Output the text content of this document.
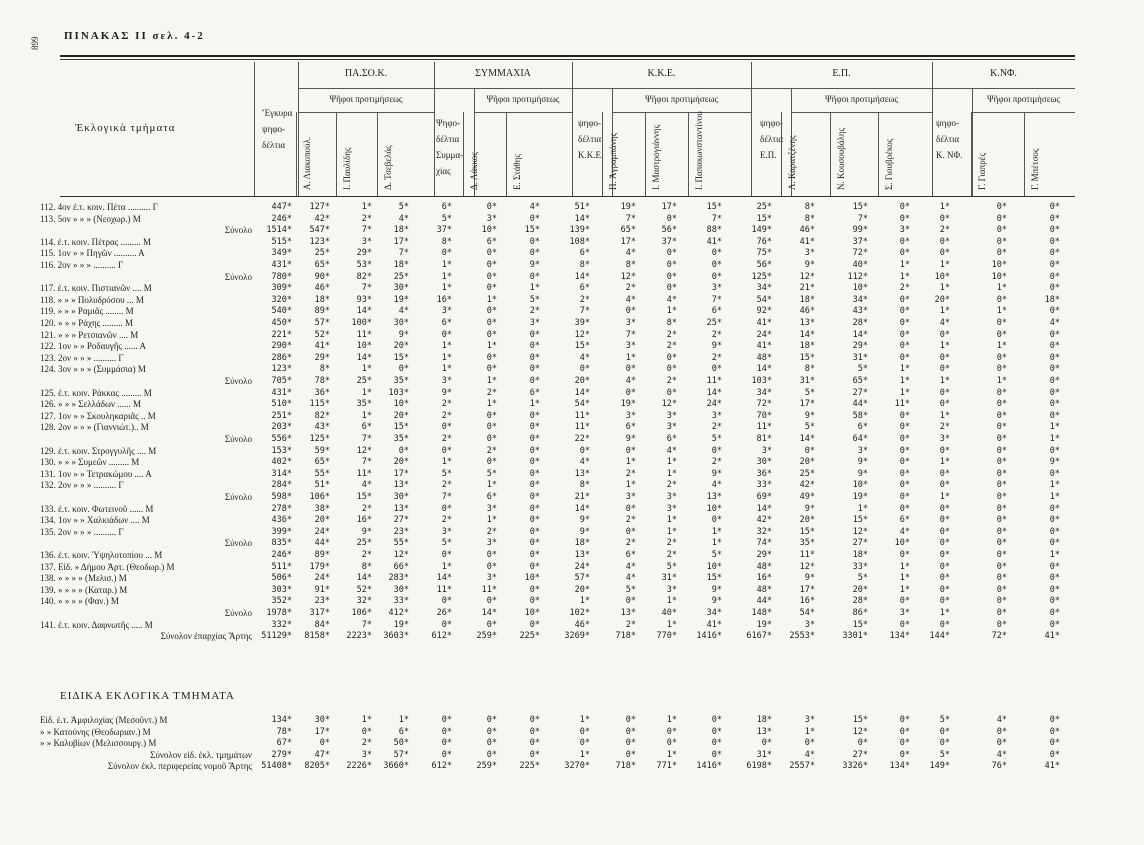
899
ΠΙΝΑΚΑΣ ΙΙ σελ. 4-2
Ἐκλογικὰ τμήματα
Ἔγκυρα
ψηφο-
δέλτια
ΠΑ.ΣΟ.Κ.
Ψῆφοι προτιμήσεως
Α. Λιακοπούλ.	Ι. Παυλίδης	Δ. Τσεβελάς
ΣΥΜΜΑΧΙΑ
Ψῆφοι προτιμήσεως
Ψηφο-
δέλτια
Συμμα-
χίας Δ. Λάκκος	Ε. Στάθης
Κ.Κ.Ε.
Ψῆφοι προτιμήσεως
ψηφο-
δέλτια
Κ.Κ.Ε. Π. Ἀγραμπάνης	Ι. Μαστρογιάννης	Ι. Παπακωνσταντίνου
Ε.Π.
Ψῆφοι προτιμήσεως
ψηφο-
δέλτια
Ε.Π. Λ. Καρατζένης	Ν. Κουσουβάλης	Σ. Γιουβρέκος
Κ.ΝΦ.
Ψῆφοι προτιμήσεως
ψηφο-
δέλτια
Κ. ΝΦ. Γ. Γιαπρές	Γ. Μπέτσος
112. 4ον ἐ.τ. κοιν. Πέτα .......... Γ	447*	127*	1*	5*	6*	0*	4*	51*	19*	17*	15*	25*	8*	15*	0*	1*	0*	0*
113. 5ον » » » (Νεοχωρ.) Μ	246*	42*	2*	4*	5*	3*	0*	14*	7*	0*	7*	15*	8*	7*	0*	0*	0*	0*
Σύνολο	1514*	547*	7*	18*	37*	10*	15*	139*	65*	56*	88*	149*	46*	99*	3*	2*	0*	0*
114. ἐ.τ. κοιν. Πέτρας ......... Μ	515*	123*	3*	17*	8*	6*	0*	108*	17*	37*	41*	76*	41*	37*	0*	0*	0*	0*
115. 1ον » » Πηγῶν .......... Α	349*	25*	29*	7*	0*	0*	0*	6*	4*	0*	0*	75*	3*	72*	0*	0*	0*	0*
116. 2ον » » » .......... Γ	431*	65*	53*	18*	1*	0*	9*	8*	8*	0*	0*	56*	9*	40*	1*	1*	10*	0*
Σύνολο	780*	90*	82*	25*	1*	0*	0*	14*	12*	0*	0*	125*	12*	112*	1*	10*	10*	0*
117. ἐ.τ. κοιν. Πιστιανῶν .... Μ	309*	46*	7*	30*	1*	0*	1*	6*	2*	0*	3*	34*	21*	10*	2*	1*	1*	0*
118. » » » Πολυδρόσου ... Μ	320*	18*	93*	19*	16*	1*	5*	2*	4*	4*	7*	54*	18*	34*	0*	20*	0*	18*
119. » » » Ραμιᾶς ........ Μ	540*	89*	14*	4*	3*	0*	2*	7*	0*	1*	6*	92*	46*	43*	0*	1*	1*	0*
120. » » » Ράχης ......... Μ	450*	57*	100*	30*	6*	0*	3*	39*	3*	8*	25*	41*	13*	28*	0*	4*	0*	4*
121. » » » Ρετσιανῶν .... Μ	221*	52*	11*	9*	0*	0*	0*	12*	7*	2*	2*	24*	14*	14*	0*	0*	0*	0*
122. 1ον » » Ροδαυγῆς ...... Α	290*	41*	10*	20*	1*	1*	0*	15*	3*	2*	9*	41*	18*	29*	0*	1*	1*	0*
123. 2ον » » » .......... Γ	286*	29*	14*	15*	1*	0*	0*	4*	1*	0*	2*	48*	15*	31*	0*	0*	0*	0*
124. 3ον » » » (Συμμάσια) Μ	123*	8*	1*	0*	1*	0*	0*	0*	0*	0*	0*	14*	8*	5*	1*	0*	0*	0*
Σύνολο	705*	78*	25*	35*	3*	1*	0*	20*	4*	2*	11*	103*	31*	65*	1*	1*	1*	0*
125. ἐ.τ. κοιν. Ράκκας ......... Μ	431*	36*	1*	103*	9*	2*	6*	14*	0*	0*	14*	34*	5*	27*	1*	0*	0*	0*
126. » » » Σελλάδων ...... Μ	510*	115*	35*	10*	2*	1*	1*	54*	19*	12*	24*	72*	17*	44*	11*	0*	0*	0*
127. 1ον » » Σκουληκαριᾶς .. Μ	251*	82*	1*	20*	2*	0*	0*	11*	3*	3*	3*	70*	9*	58*	0*	1*	0*	0*
128. 2ον » » » (Γιαννιώτ.).. Μ	203*	43*	6*	15*	0*	0*	0*	11*	6*	3*	2*	11*	5*	6*	0*	2*	0*	1*
Σύνολο	556*	125*	7*	35*	2*	0*	0*	22*	9*	6*	5*	81*	14*	64*	0*	3*	0*	1*
129. ἐ.τ. κοιν. Στρογγυλῆς .... Μ	153*	59*	12*	0*	0*	2*	0*	0*	0*	4*	0*	3*	0*	3*	0*	0*	0*	0*
130. » » » Συμεῶν ......... Μ	402*	65*	7*	20*	1*	0*	0*	4*	1*	1*	2*	30*	20*	9*	0*	1*	0*	9*
131. 1ον » » Τετρακώμου .... Α	314*	55*	11*	17*	5*	5*	0*	13*	2*	1*	9*	36*	25*	9*	0*	0*	0*	0*
132. 2ον » » » .......... Γ	284*	51*	4*	13*	2*	1*	0*	8*	1*	2*	4*	33*	42*	10*	0*	0*	0*	1*
Σύνολο	598*	106*	15*	30*	7*	6*	0*	21*	3*	3*	13*	69*	49*	19*	0*	1*	0*	1*
133. ἐ.τ. κοιν. Φωτεινοῦ ...... Μ	278*	38*	2*	13*	0*	3*	0*	14*	0*	3*	10*	14*	9*	1*	0*	0*	0*	0*
134. 1ον » » Χαλκιάδων .... Μ	436*	20*	16*	27*	2*	1*	0*	9*	2*	1*	0*	42*	20*	15*	6*	0*	0*	0*
135. 2ον » » » .......... Γ	399*	24*	9*	23*	3*	2*	0*	9*	0*	1*	1*	32*	15*	12*	4*	0*	0*	0*
Σύνολο	835*	44*	25*	55*	5*	3*	0*	18*	2*	2*	1*	74*	35*	27*	10*	0*	0*	0*
136. ἐ.τ. κοιν. Ὑψηλοτοπίου ... Μ	246*	89*	2*	12*	0*	0*	0*	13*	6*	2*	5*	29*	11*	18*	0*	0*	0*	1*
137. Εἰδ. » Δήμου Ἀρτ. (Θεοδωρ.) Μ	511*	179*	8*	66*	1*	0*	0*	24*	4*	5*	10*	48*	12*	33*	1*	0*	0*	0*
138. » » » » (Μελισ.) Μ	506*	24*	14*	283*	14*	3*	10*	57*	4*	31*	15*	16*	9*	5*	1*	0*	0*	0*
139. » » » » (Καταρ.) Μ	303*	91*	52*	30*	11*	11*	0*	20*	5*	3*	9*	48*	17*	20*	1*	0*	0*	0*
140. » » » » (Φαν.) Μ	352*	23*	32*	33*	0*	0*	0*	1*	0*	1*	9*	44*	16*	28*	0*	0*	0*	0*
Σύνολο	1978*	317*	106*	412*	26*	14*	10*	102*	13*	40*	34*	148*	54*	86*	3*	1*	0*	0*
141. ἐ.τ. κοιν. Δαφνωτῆς ..... Μ	332*	84*	7*	19*	0*	0*	0*	46*	2*	1*	41*	19*	3*	15*	0*	0*	0*	0*
Σύνολον ἐπαρχίας Ἄρτης	51129*	8158*	2223*	3603*	612*	259*	225*	3269*	718*	770*	1416*	6167*	2553*	3301*	134*	144*	72*	41*
ΕΙΔΙΚΑ ΕΚΛΟΓΙΚΑ ΤΜΗΜΑΤΑ
Εἰδ. ἐ.τ. Ἀμφιλοχίας (Μεσοῦντ.) Μ	134*	30*	1*	1*	0*	0*	0*	1*	0*	1*	0*	18*	3*	15*	0*	5*	4*	0*
» » Κατούνης (Θεοδωριαν.) Μ	78*	17*	0*	6*	0*	0*	0*	0*	0*	0*	0*	13*	1*	12*	0*	0*	0*	0*
» » Καλυβίων (Μελισσουργ.) Μ	67*	0*	2*	50*	0*	0*	0*	0*	0*	0*	0*	0*	0*	0*	0*	0*	0*	0*
Σύνολον εἰδ. ἐκλ. τμημάτων	279*	47*	3*	57*	0*	0*	0*	1*	0*	1*	0*	31*	4*	27*	0*	5*	4*	0*
Σύνολον ἐκλ. περιφερείας νομοῦ Ἄρτης	51408*	8205*	2226*	3660*	612*	259*	225*	3270*	718*	771*	1416*	6198*	2557*	3326*	134*	149*	76*	41*
